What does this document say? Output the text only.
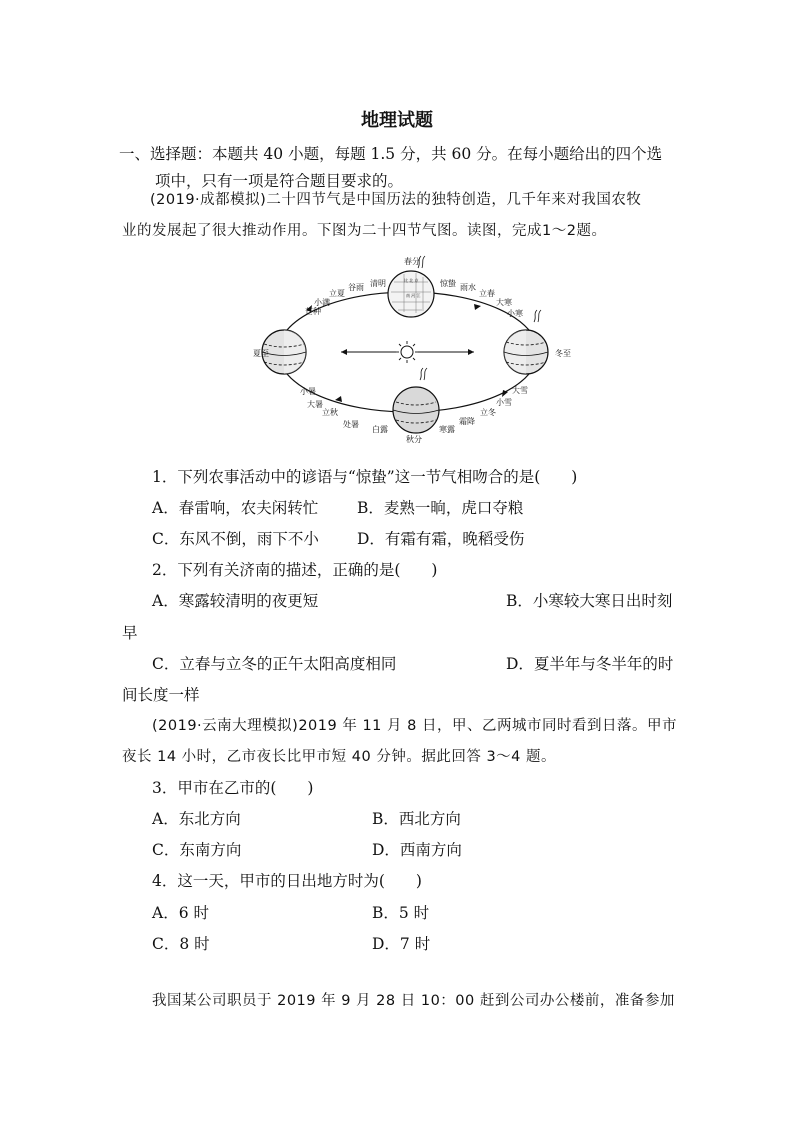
地理试题
一、选择题：本题共 40 小题，每题 1.5 分，共 60 分。在每小题给出的四个选
项中，只有一项是符合题目要求的。
(2019·成都模拟)二十四节气是中国历法的独特创造，几千年来对我国农牧
业的发展起了很大推动作用。下图为二十四节气图。读图，完成1～2题。
比 北 京
南 河 江
春分
秋分
夏至	冬至
清明
谷雨
立夏
小满
芒种
惊蛰 雨水
立春
大寒
小寒
小暑
大暑
立秋
处暑
白露	寒露
霜降
立冬
小雪
大雪
1．下列农事活动中的谚语与“惊蛰”这一节气相吻合的是(　　)
A．春雷响，农夫闲转忙	B．麦熟一晌，虎口夺粮
C．东风不倒，雨下不小 D．有霜有霜，晚稻受伤
2．下列有关济南的描述，正确的是(　　)
A．寒露较清明的夜更短	B．小寒较大寒日出时刻
早
C．立春与立冬的正午太阳高度相同	D．夏半年与冬半年的时
间长度一样
(2019·云南大理模拟)2019 年 11 月 8 日，甲、乙两城市同时看到日落。甲市
夜长 14 小时，乙市夜长比甲市短 40 分钟。据此回答 3～4 题。
3．甲市在乙市的(　　)
A．东北方向	B．西北方向
C．东南方向	D．西南方向
4．这一天，甲市的日出地方时为(　　)
A．6 时	B．5 时
C．8 时	D．7 时
我国某公司职员于 2019 年 9 月 28 日 10：00 赶到公司办公楼前，准备参加
